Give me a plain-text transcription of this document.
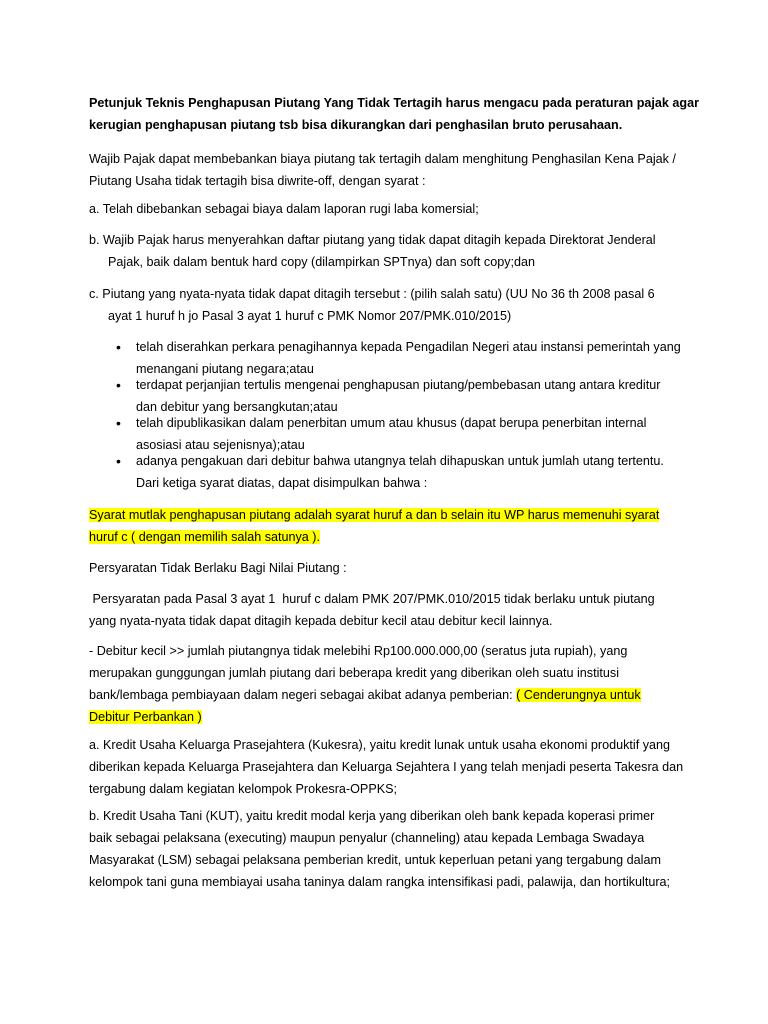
Petunjuk Teknis Penghapusan Piutang Yang Tidak Tertagih harus mengacu pada peraturan pajak agar
kerugian penghapusan piutang tsb bisa dikurangkan dari penghasilan bruto perusahaan.
Wajib Pajak dapat membebankan biaya piutang tak tertagih dalam menghitung Penghasilan Kena Pajak /
Piutang Usaha tidak tertagih bisa diwrite-off, dengan syarat :
a. Telah dibebankan sebagai biaya dalam laporan rugi laba komersial;
b. Wajib Pajak harus menyerahkan daftar piutang yang tidak dapat ditagih kepada Direktorat Jenderal
Pajak, baik dalam bentuk hard copy (dilampirkan SPTnya) dan soft copy;dan
c. Piutang yang nyata-nyata tidak dapat ditagih tersebut : (pilih salah satu) (UU No 36 th 2008 pasal 6
ayat 1 huruf h jo Pasal 3 ayat 1 huruf c PMK Nomor 207/PMK.010/2015)
• telah diserahkan perkara penagihannya kepada Pengadilan Negeri atau instansi pemerintah yang
menangani piutang negara;atau
• terdapat perjanjian tertulis mengenai penghapusan piutang/pembebasan utang antara kreditur
dan debitur yang bersangkutan;atau
• telah dipublikasikan dalam penerbitan umum atau khusus (dapat berupa penerbitan internal
asosiasi atau sejenisnya);atau
• adanya pengakuan dari debitur bahwa utangnya telah dihapuskan untuk jumlah utang tertentu.
Dari ketiga syarat diatas, dapat disimpulkan bahwa :
Syarat mutlak penghapusan piutang adalah syarat huruf a dan b selain itu WP harus memenuhi syarat
huruf c ( dengan memilih salah satunya ).
Persyaratan Tidak Berlaku Bagi Nilai Piutang :
Persyaratan pada Pasal 3 ayat 1  huruf c dalam PMK 207/PMK.010/2015 tidak berlaku untuk piutang
yang nyata-nyata tidak dapat ditagih kepada debitur kecil atau debitur kecil lainnya.
- Debitur kecil >> jumlah piutangnya tidak melebihi Rp100.000.000,00 (seratus juta rupiah), yang
merupakan gunggungan jumlah piutang dari beberapa kredit yang diberikan oleh suatu institusi
bank/lembaga pembiayaan dalam negeri sebagai akibat adanya pemberian: ( Cenderungnya untuk
Debitur Perbankan )
a. Kredit Usaha Keluarga Prasejahtera (Kukesra), yaitu kredit lunak untuk usaha ekonomi produktif yang
diberikan kepada Keluarga Prasejahtera dan Keluarga Sejahtera I yang telah menjadi peserta Takesra dan
tergabung dalam kegiatan kelompok Prokesra-OPPKS;
b. Kredit Usaha Tani (KUT), yaitu kredit modal kerja yang diberikan oleh bank kepada koperasi primer
baik sebagai pelaksana (executing) maupun penyalur (channeling) atau kepada Lembaga Swadaya
Masyarakat (LSM) sebagai pelaksana pemberian kredit, untuk keperluan petani yang tergabung dalam
kelompok tani guna membiayai usaha taninya dalam rangka intensifikasi padi, palawija, dan hortikultura;
